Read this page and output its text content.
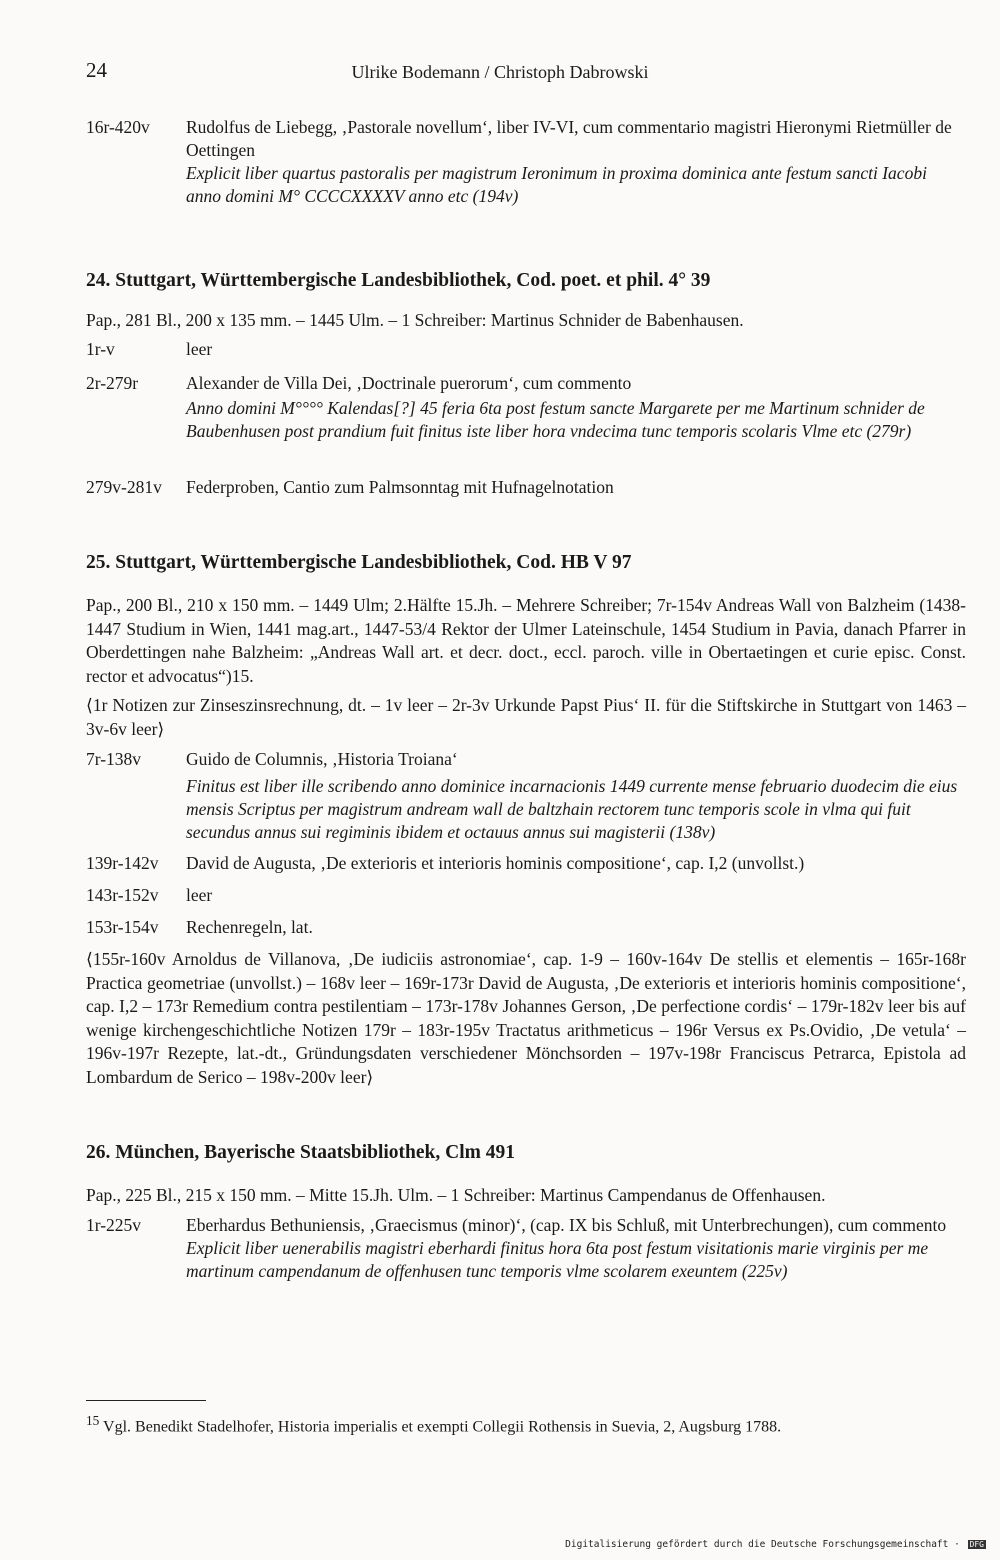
24	Ulrike Bodemann / Christoph Dabrowski
16r-420v Rudolfus de Liebegg, ‚Pastorale novellum‘, liber IV-VI, cum commentario magistri Hieronymi Rietmüller de Oettingen
Explicit liber quartus pastoralis per magistrum Ieronimum in proxima dominica ante festum sancti Iacobi anno domini M° CCCCXXXXV anno etc (194v)
24. Stuttgart, Württembergische Landesbibliothek, Cod. poet. et phil. 4° 39
Pap., 281 Bl., 200 x 135 mm. – 1445 Ulm. – 1 Schreiber: Martinus Schnider de Babenhausen.
1r-v	leer
2r-279r	Alexander de Villa Dei, ‚Doctrinale puerorum‘, cum commento
Anno domini M°°°° Kalendas[?] 45 feria 6ta post festum sancte Margarete per me Martinum schnider de Baubenhusen post prandium fuit finitus iste liber hora vndecima tunc temporis scolaris Vlme etc (279r)
279v-281v Federproben, Cantio zum Palmsonntag mit Hufnagelnotation
25. Stuttgart, Württembergische Landesbibliothek, Cod. HB V 97
Pap., 200 Bl., 210 x 150 mm. – 1449 Ulm; 2.Hälfte 15.Jh. – Mehrere Schreiber; 7r-154v Andreas Wall von Balzheim (1438-1447 Studium in Wien, 1441 mag.art., 1447-53/4 Rektor der Ulmer Lateinschule, 1454 Studium in Pavia, danach Pfarrer in Oberdettingen nahe Balzheim: „Andreas Wall art. et decr. doct., eccl. paroch. ville in Obertaetingen et curie episc. Const. rector et advocatus“)15.
⟨1r Notizen zur Zinseszinsrechnung, dt. – 1v leer – 2r-3v Urkunde Papst Pius‘ II. für die Stiftskirche in Stuttgart von 1463 – 3v-6v leer⟩
7r-138v	Guido de Columnis, ‚Historia Troiana‘
Finitus est liber ille scribendo anno dominice incarnacionis 1449 currente mense februario duodecim die eius mensis Scriptus per magistrum andream wall de baltzhain rectorem tunc temporis scole in vlma qui fuit secundus annus sui regiminis ibidem et octauus annus sui magisterii (138v)
139r-142v David de Augusta, ‚De exterioris et interioris hominis compositione‘, cap. I,2 (unvollst.)
143r-152v leer
153r-154v Rechenregeln, lat.
⟨155r-160v Arnoldus de Villanova, ‚De iudiciis astronomiae‘, cap. 1-9 – 160v-164v De stellis et elementis – 165r-168r Practica geometriae (unvollst.) – 168v leer – 169r-173r David de Augusta, ‚De exterioris et interioris hominis compositione‘, cap. I,2 – 173r Remedium contra pestilentiam – 173r-178v Johannes Gerson, ‚De perfectione cordis‘ – 179r-182v leer bis auf wenige kirchengeschichtliche Notizen 179r – 183r-195v Tractatus arithmeticus – 196r Versus ex Ps.Ovidio, ‚De vetula‘ – 196v-197r Rezepte, lat.-dt., Gründungsdaten verschiedener Mönchsorden – 197v-198r Franciscus Petrarca, Epistola ad Lombardum de Serico – 198v-200v leer⟩
26. München, Bayerische Staatsbibliothek, Clm 491
Pap., 225 Bl., 215 x 150 mm. – Mitte 15.Jh. Ulm. – 1 Schreiber: Martinus Campendanus de Offenhausen.
1r-225v	Eberhardus Bethuniensis, ‚Graecismus (minor)‘, (cap. IX bis Schluß, mit Unterbrechungen), cum commento
Explicit liber uenerabilis magistri eberhardi finitus hora 6ta post festum visitationis marie virginis per me martinum campendanum de offenhusen tunc temporis vlme scolarem exeuntem (225v)
$^{15}$ Vgl. Benedikt Stadelhofer, Historia imperialis et exempti Collegii Rothensis in Suevia, 2, Augsburg 1788.
Digitalisierung gefördert durch die Deutsche Forschungsgemeinschaft · DFG
